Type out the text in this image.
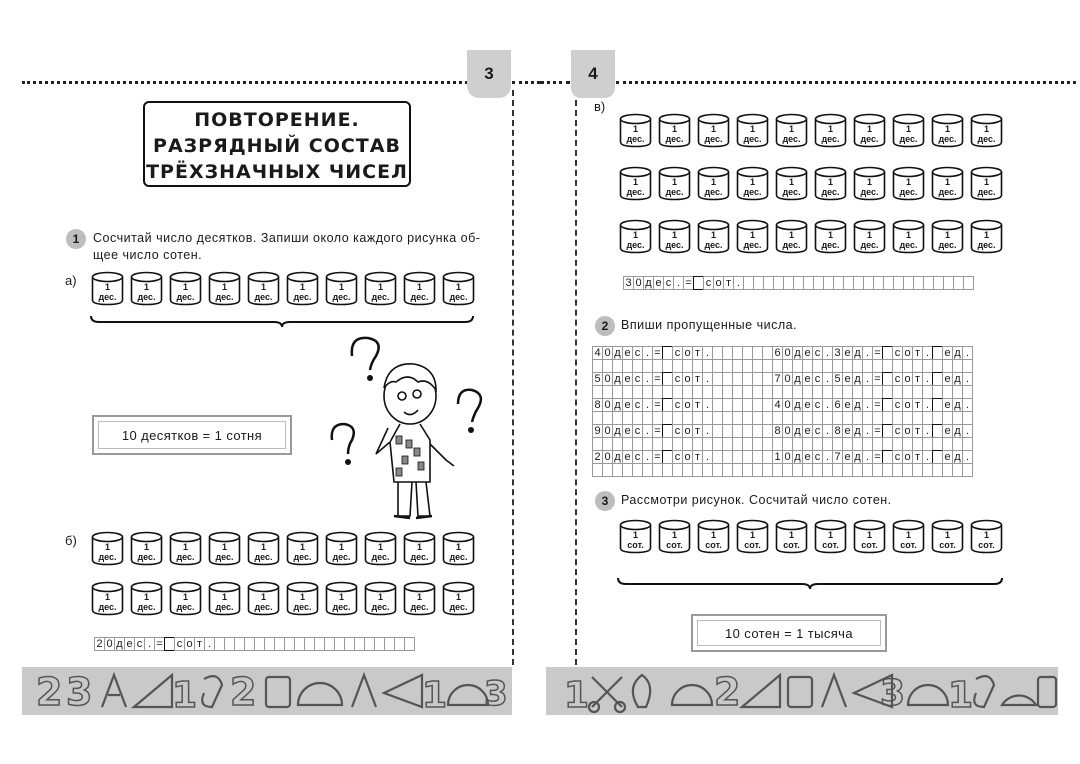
3
ПОВТОРЕНИЕ.
РАЗРЯДНЫЙ СОСТАВ
ТРЁХЗНАЧНЫХ ЧИСЕЛ
1 Сосчитай число десятков. Запиши около каждого рисунка об-
щее число сотен.
а)	1
дес.
1
дес.
1
дес.
1
дес.
1
дес.
1
дес.
1
дес.
1
дес.
1
дес.
1
дес.
10 десятков = 1 сотня
б)	1
дес.
1
дес.
1
дес.
1
дес.
1
дес.
1
дес.
1
дес.
1
дес.
1
дес.
1
дес.
1
дес.
1
дес.
1
дес.
1
дес.
1
дес.
1
дес.
1
дес.
1
дес.
1
дес.
1
дес.
2 0 д е с . = с о т .
2 3 1 2	1 3
4
в)
1
дес.
1
дес.
1
дес.
1
дес.
1
дес.
1
дес.
1
дес.
1
дес.
1
дес.
1
дес.
1
дес.
1
дес.
1
дес.
1
дес.
1
дес.
1
дес.
1
дес.
1
дес.
1
дес.
1
дес.
1
дес.
1
дес.
1
дес.
1
дес.
1
дес.
1
дес.
1
дес.
1
дес.
1
дес.
1
дес.
3 0 д е с . = с о т .
2 Впиши пропущенные числа.
4 0 д е с . = с о т .	6 0 д е с . 3 е д . = с о т .	е д .
5 0 д е с . = с о т .	7 0 д е с . 5 е д . = с о т .	е д .
8 0 д е с . = с о т .	4 0 д е с . 6 е д . = с о т .	е д .
9 0 д е с . = с о т .	8 0 д е с . 8 е д . = с о т .	е д .
2 0 д е с . = с о т .	1 0 д е с . 7 е д . = с о т .	е д .
3 Рассмотри рисунок. Сосчитай число сотен.
1
сот.
1
сот.
1
сот.
1
сот.
1
сот.
1
сот.
1
сот.
1
сот.
1
сот.
1
сот.
10 сотен = 1 тысяча
1	2	3 1
